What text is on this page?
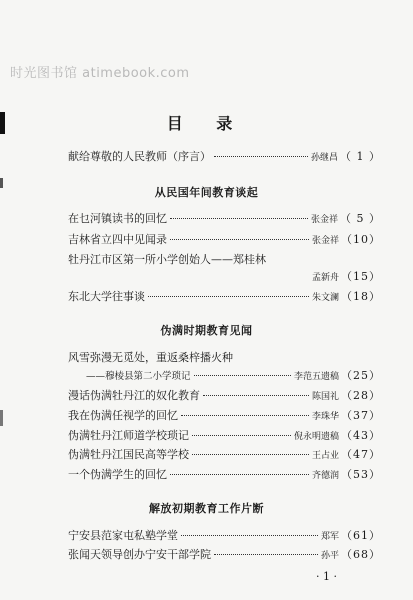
时光图书馆 atimebook.com
目 录
献给尊敬的人民教师（序言）	孙继昌 （ 1 ）
从民国年间教育谈起
在乜河镇读书的回忆	张金祥 （ 5 ）
吉林省立四中见闻录	张金祥 （10）
牡丹江市区第一所小学创始人——郑桂林
孟新舟 （15）
东北大学往事谈	朱文澜 （18）
伪满时期教育见闻
风雪弥漫无觅处，重返桑梓播火种
——穆棱县第二小学琐记	李范五遗稿 （25）
漫话伪满牡丹江的奴化教育	陈国礼 （28）
我在伪满任视学的回忆	李珠华 （37）
伪满牡丹江师道学校琐记	倪永明遗稿 （43）
伪满牡丹江国民高等学校	王占业 （47）
一个伪满学生的回忆	齐德润 （53）
解放初期教育工作片断
宁安县范家屯私塾学堂	郑军 （61）
张闻天领导创办宁安干部学院	孙平 （68）
· 1 ·
